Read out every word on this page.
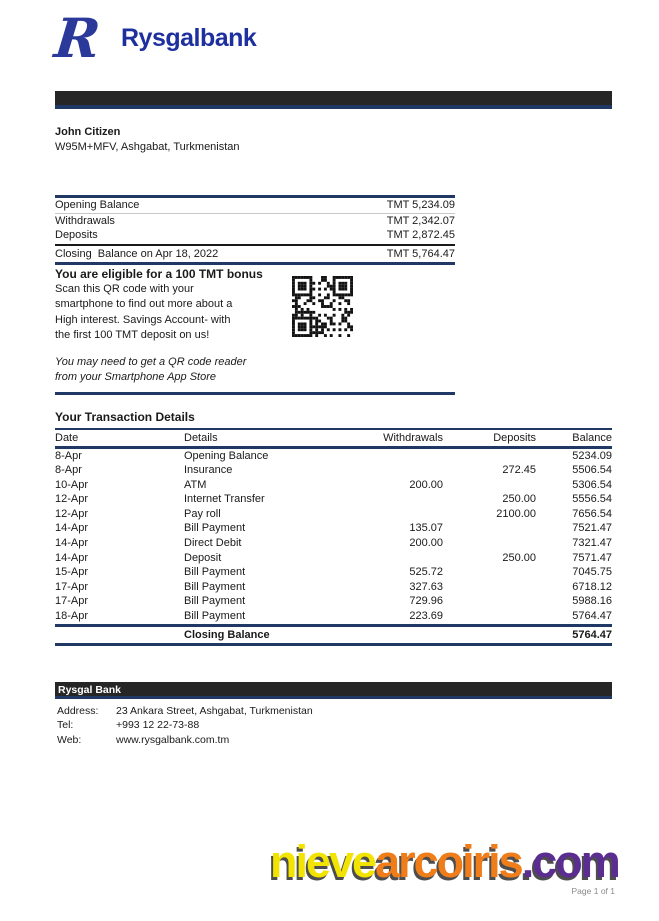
R Rysgalbank
John Citizen
W95M+MFV, Ashgabat, Turkmenistan
Opening Balance	TMT 5,234.09
Withdrawals	TMT 2,342.07
Deposits	TMT 2,872.45
Closing  Balance on Apr 18, 2022	TMT 5,764.47
You are eligible for a 100 TMT bonus
Scan this QR code with your
smartphone to find out more about a
High interest. Savings Account- with
the first 100 TMT deposit on us!
You may need to get a QR code reader
from your Smartphone App Store
Your Transaction Details
Date	Details	Withdrawals	Deposits	Balance
8-Apr	Opening Balance			5234.09
8-Apr	Insurance		272.45	5506.54
10-Apr	ATM	200.00		5306.54
12-Apr	Internet Transfer		250.00	5556.54
12-Apr	Pay roll		2100.00	7656.54
14-Apr	Bill Payment	135.07		7521.47
14-Apr	Direct Debit	200.00		7321.47
14-Apr	Deposit		250.00	7571.47
15-Apr	Bill Payment	525.72		7045.75
17-Apr	Bill Payment	327.63		6718.12
17-Apr	Bill Payment	729.96		5988.16
18-Apr	Bill Payment	223.69		5764.47
	Closing Balance			5764.47
Rysgal Bank
Address:	23 Ankara Street, Ashgabat, Turkmenistan
Tel:	+993 12 22-73-88
Web:	www.rysgalbank.com.tm
nievearcoiris.com
Page 1 of 1
